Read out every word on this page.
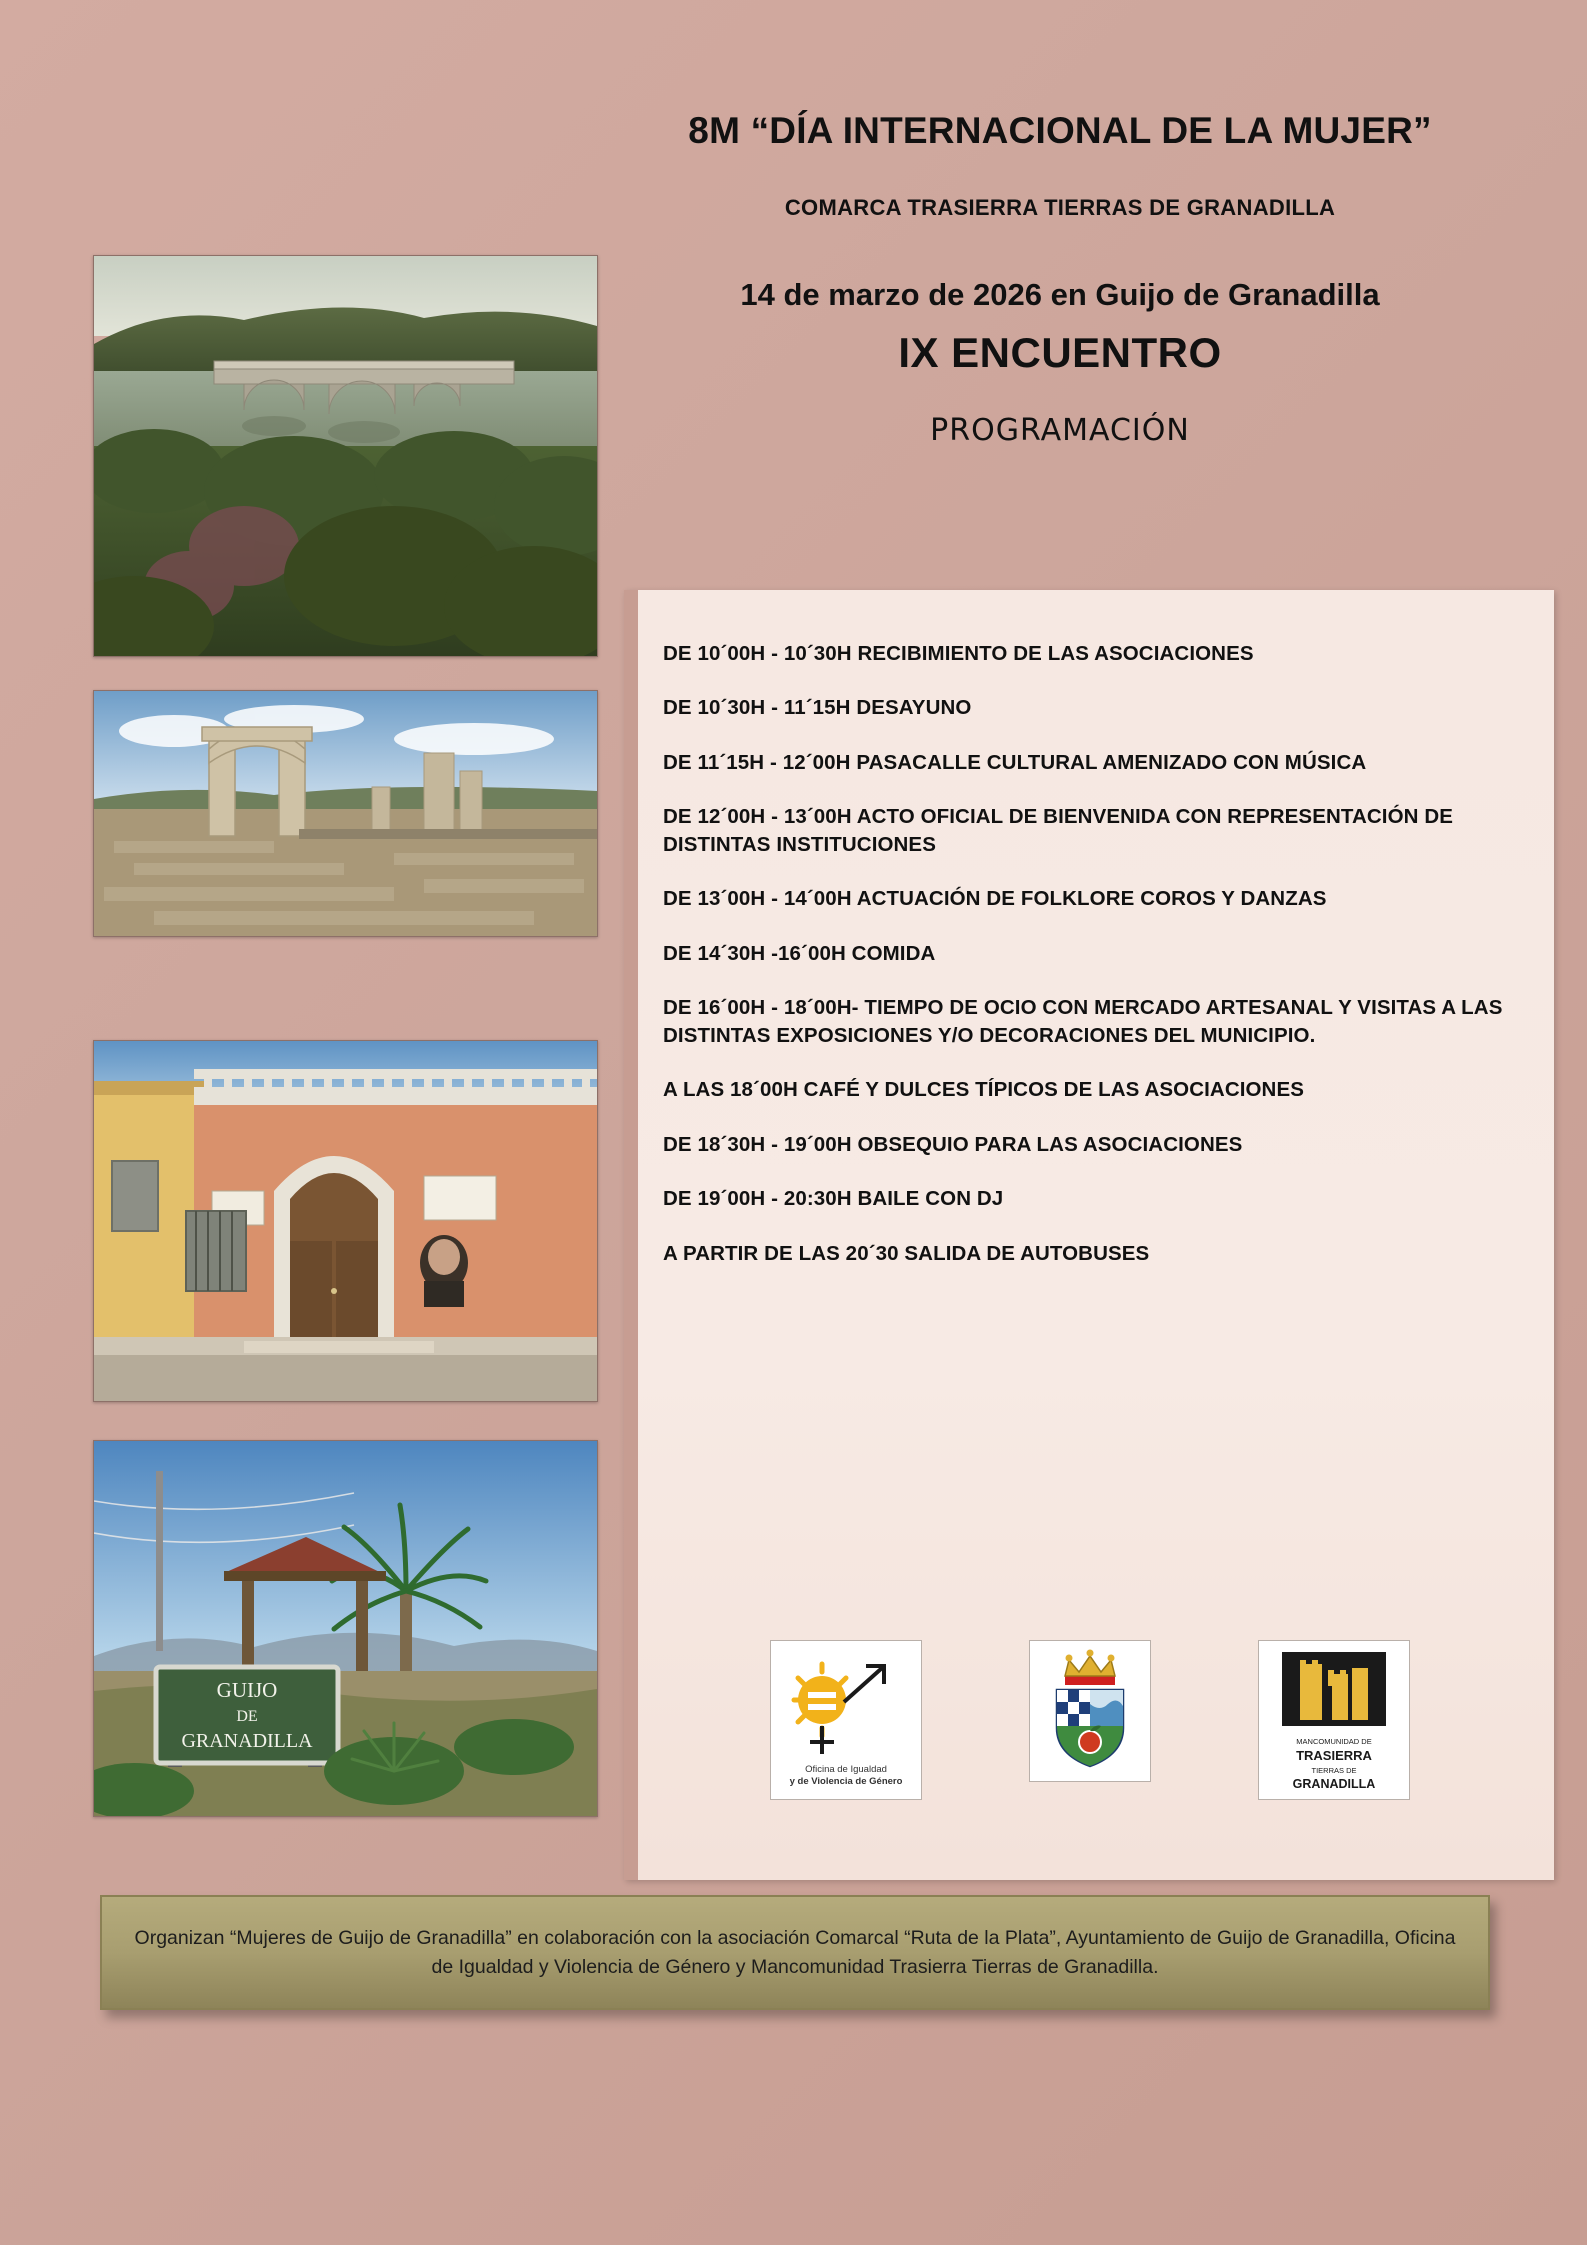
8M “DÍA INTERNACIONAL DE LA MUJER”
COMARCA TRASIERRA TIERRAS DE GRANADILLA
14 de marzo de 2026 en Guijo de Granadilla
IX ENCUENTRO
PROGRAMACIÓN
GUIJO
DE
GRANADILLA
DE 10´00H - 10´30H RECIBIMIENTO DE LAS ASOCIACIONES
DE 10´30H - 11´15H DESAYUNO
DE 11´15H - 12´00H PASACALLE CULTURAL AMENIZADO CON MÚSICA
DE 12´00H - 13´00H ACTO OFICIAL DE BIENVENIDA CON REPRESENTACIÓN DE DISTINTAS INSTITUCIONES
DE 13´00H - 14´00H ACTUACIÓN DE FOLKLORE COROS Y DANZAS
DE 14´30H -16´00H COMIDA
DE 16´00H - 18´00H- TIEMPO DE OCIO CON MERCADO ARTESANAL Y VISITAS A LAS DISTINTAS EXPOSICIONES Y/O DECORACIONES DEL MUNICIPIO.
A LAS 18´00H CAFÉ Y DULCES TÍPICOS DE LAS ASOCIACIONES
DE 18´30H - 19´00H OBSEQUIO PARA LAS ASOCIACIONES
DE 19´00H - 20:30H BAILE CON DJ
A PARTIR DE LAS 20´30 SALIDA DE AUTOBUSES
Oficina de Igualdad
y de Violencia de Género
MANCOMUNIDAD DE
TRASIERRA
TIERRAS DE
GRANADILLA
Organizan “Mujeres de Guijo de Granadilla” en colaboración con la asociación Comarcal “Ruta de la Plata”, Ayuntamiento de Guijo de Granadilla, Oficina de Igualdad y Violencia de Género y Mancomunidad Trasierra Tierras de Granadilla.
